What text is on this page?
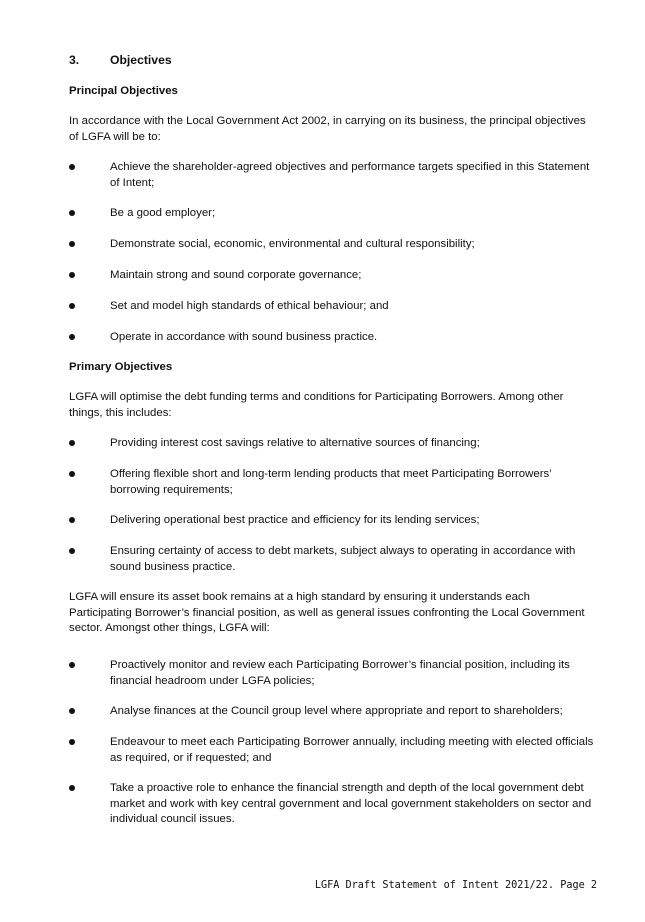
3.	Objectives
Principal Objectives
In accordance with the Local Government Act 2002, in carrying on its business, the principal objectives of LGFA will be to:
Achieve the shareholder-agreed objectives and performance targets specified in this Statement of Intent;
Be a good employer;
Demonstrate social, economic, environmental and cultural responsibility;
Maintain strong and sound corporate governance;
Set and model high standards of ethical behaviour; and
Operate in accordance with sound business practice.
Primary Objectives
LGFA will optimise the debt funding terms and conditions for Participating Borrowers. Among other things, this includes:
Providing interest cost savings relative to alternative sources of financing;
Offering flexible short and long-term lending products that meet Participating Borrowers’ borrowing requirements;
Delivering operational best practice and efficiency for its lending services;
Ensuring certainty of access to debt markets, subject always to operating in accordance with sound business practice.
LGFA will ensure its asset book remains at a high standard by ensuring it understands each Participating Borrower’s financial position, as well as general issues confronting the Local Government sector. Amongst other things, LGFA will:
Proactively monitor and review each Participating Borrower’s financial position, including its financial headroom under LGFA policies;
Analyse finances at the Council group level where appropriate and report to shareholders;
Endeavour to meet each Participating Borrower annually, including meeting with elected officials as required, or if requested; and
Take a proactive role to enhance the financial strength and depth of the local government debt market and work with key central government and local government stakeholders on sector and individual council issues.
LGFA Draft Statement of Intent 2021/22. Page 2
